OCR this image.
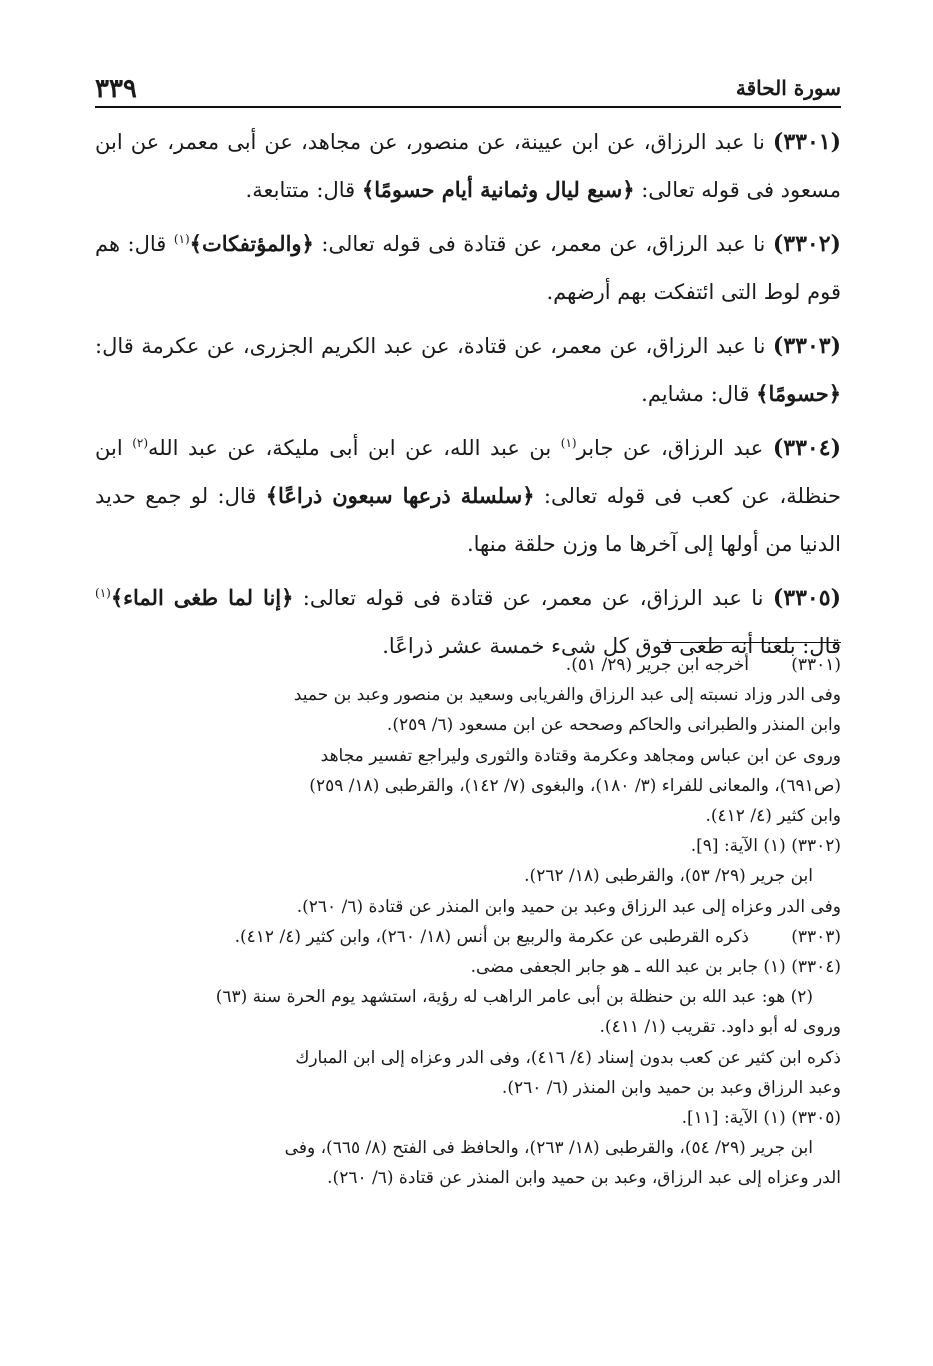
سورة الحاقة
٣٣٩

(٣٣٠١) نا عبد الرزاق، عن ابن عيينة، عن منصور، عن مجاهد، عن أبى معمر، عن ابن مسعود فى قوله تعالى: ﴿سبع ليال وثمانية أيام حسومًا﴾ قال: متتابعة.

(٣٣٠٢) نا عبد الرزاق، عن معمر، عن قتادة فى قوله تعالى: ﴿والمؤتفكات﴾$^{(١)}$ قال: هم قوم لوط التى ائتفكت بهم أرضهم.

(٣٣٠٣) نا عبد الرزاق، عن معمر، عن قتادة، عن عبد الكريم الجزرى، عن عكرمة قال: ﴿حسومًا﴾ قال: مشايم.

(٣٣٠٤) عبد الرزاق، عن جابر$^{(١)}$ بن عبد الله، عن ابن أبى مليكة، عن عبد الله$^{(٢)}$ ابن حنظلة، عن كعب فى قوله تعالى: ﴿سلسلة ذرعها سبعون ذراعًا﴾ قال: لو جمع حديد الدنيا من أولها إلى آخرها ما وزن حلقة منها.

(٣٣٠٥) نا عبد الرزاق، عن معمر، عن قتادة فى قوله تعالى: ﴿إنا لما طغى الماء﴾$^{(١)}$ قال: بلغنا أنه طغى فوق كل شىء خمسة عشر ذراعًا.

(٣٣٠١)
أخرجه ابن جرير (٢٩/ ٥١).
وفى الدر وزاد نسبته إلى عبد الرزاق والفريابى وسعيد بن منصور وعبد بن حميد
وابن المنذر والطبرانى والحاكم وصححه عن ابن مسعود (٦/ ٢٥٩).
وروى عن ابن عباس ومجاهد وعكرمة وقتادة والثورى وليراجع تفسير مجاهد
(ص٦٩١)، والمعانى للفراء (٣/ ١٨٠)، والبغوى (٧/ ١٤٢)، والقرطبى (١٨/ ٢٥٩)
وابن كثير (٤/ ٤١٢).
(٣٣٠٢) (١) الآية: [٩].
ابن جرير (٢٩/ ٥٣)، والقرطبى (١٨/ ٢٦٢).
وفى الدر وعزاه إلى عبد الرزاق وعبد بن حميد وابن المنذر عن قتادة (٦/ ٢٦٠).
(٣٣٠٣)
ذكره القرطبى عن عكرمة والربيع بن أنس (١٨/ ٢٦٠)، وابن كثير (٤/ ٤١٢).
(٣٣٠٤) (١) جابر بن عبد الله ـ هو جابر الجعفى مضى.
(٢) هو: عبد الله بن حنظلة بن أبى عامر الراهب له رؤية، استشهد يوم الحرة سنة (٦٣)
وروى له أبو داود. تقريب (١/ ٤١١).
ذكره ابن كثير عن كعب بدون إسناد (٤/ ٤١٦)، وفى الدر وعزاه إلى ابن المبارك
وعبد الرزاق وعبد بن حميد وابن المنذر (٦/ ٢٦٠).
(٣٣٠٥) (١) الآية: [١١].
ابن جرير (٢٩/ ٥٤)، والقرطبى (١٨/ ٢٦٣)، والحافظ فى الفتح (٨/ ٦٦٥)، وفى
الدر وعزاه إلى عبد الرزاق، وعبد بن حميد وابن المنذر عن قتادة (٦/ ٢٦٠).
